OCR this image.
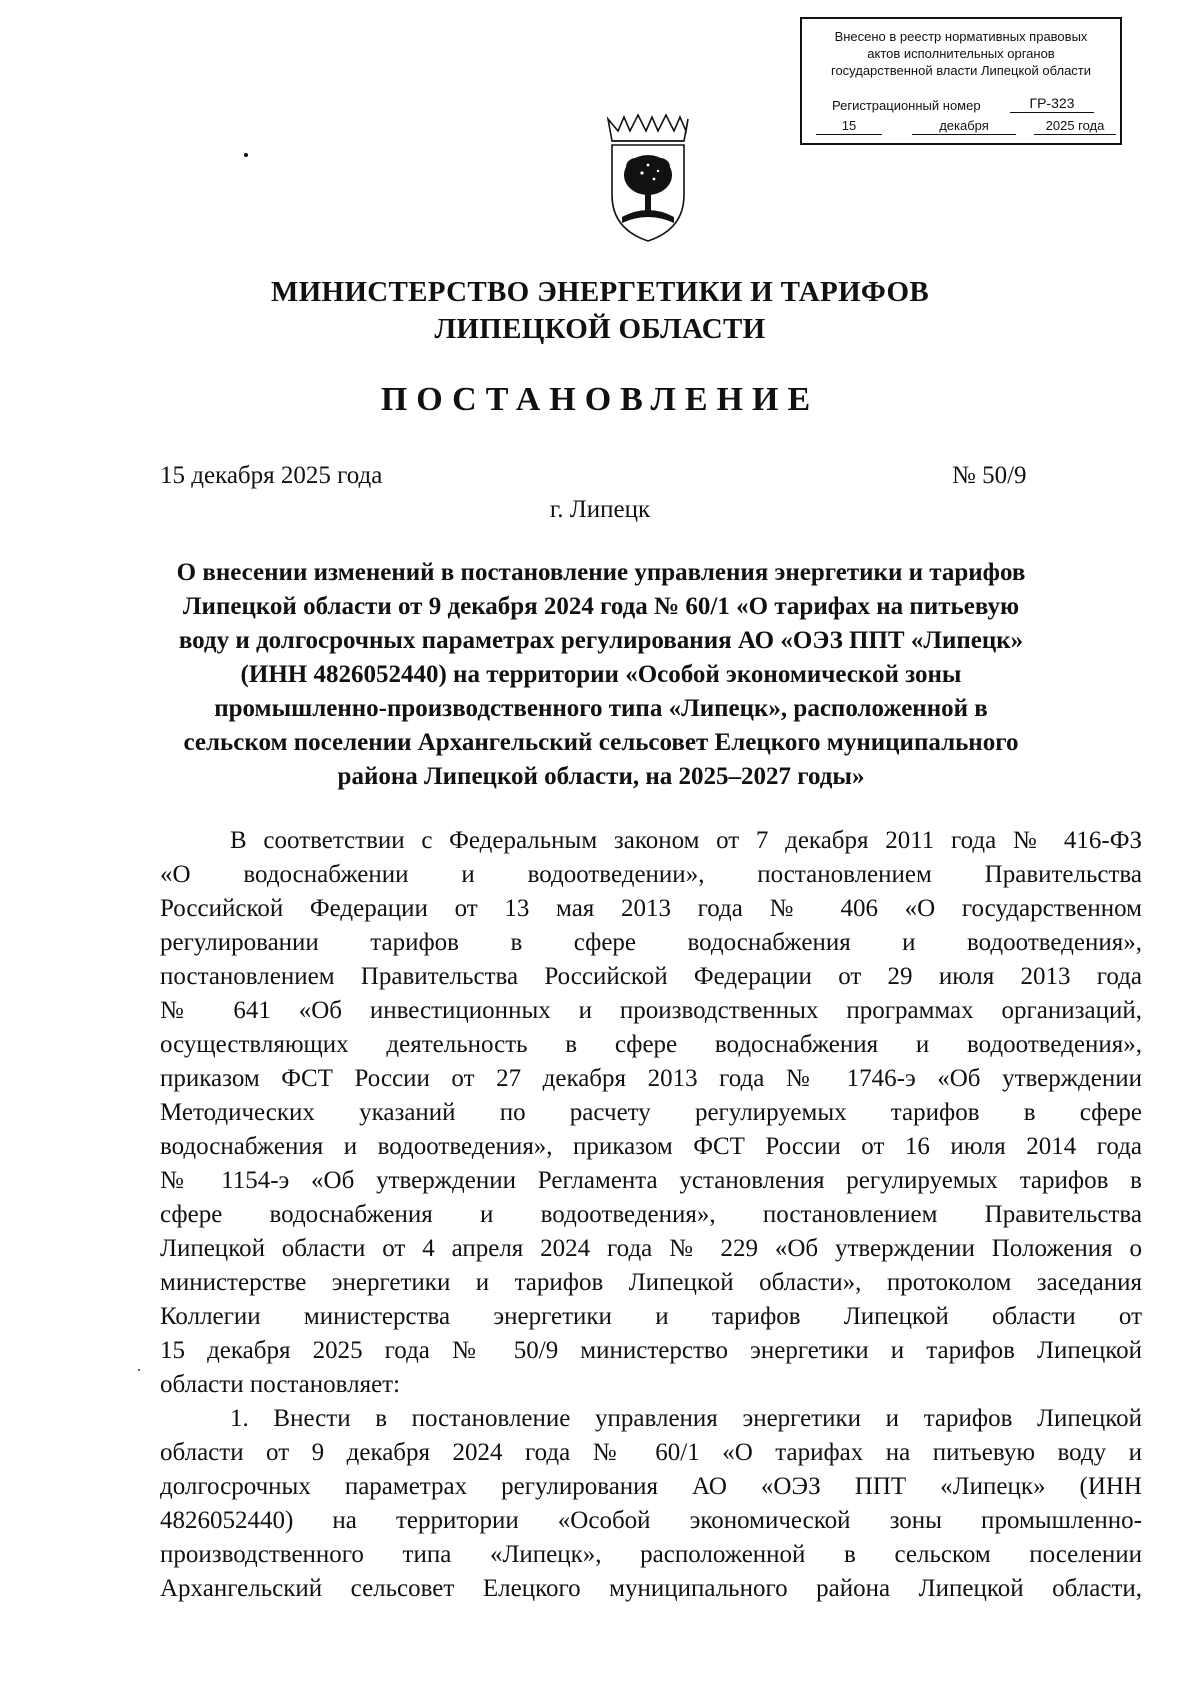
Внесено в реестр нормативных правовых
актов исполнительных органов
государственной власти Липецкой области
Регистрационный номер	ГР-323
15	декабря	2025 года
МИНИСТЕРСТВО ЭНЕРГЕТИКИ И ТАРИФОВ
ЛИПЕЦКОЙ ОБЛАСТИ
ПОСТАНОВЛЕНИЕ
15 декабря 2025 года	№ 50/9
г. Липецк
О внесении изменений в постановление управления энергетики и тарифов
Липецкой области от 9 декабря 2024 года № 60/1 «О тарифах на питьевую
воду и долгосрочных параметрах регулирования АО «ОЭЗ ППТ «Липецк»
(ИНН 4826052440) на территории «Особой экономической зоны
промышленно-производственного типа «Липецк», расположенной в
сельском поселении Архангельский сельсовет Елецкого муниципального
района Липецкой области, на 2025–2027 годы»
В соответствии с Федеральным законом от 7 декабря 2011 года № 416-ФЗ
«О водоснабжении и водоотведении», постановлением Правительства
Российской Федерации от 13 мая 2013 года № 406 «О государственном
регулировании тарифов в сфере водоснабжения и водоотведения»,
постановлением Правительства Российской Федерации от 29 июля 2013 года
№ 641 «Об инвестиционных и производственных программах организаций,
осуществляющих деятельность в сфере водоснабжения и водоотведения»,
приказом ФСТ России от 27 декабря 2013 года № 1746-э «Об утверждении
Методических указаний по расчету регулируемых тарифов в сфере
водоснабжения и водоотведения», приказом ФСТ России от 16 июля 2014 года
№ 1154-э «Об утверждении Регламента установления регулируемых тарифов в
сфере водоснабжения и водоотведения», постановлением Правительства
Липецкой области от 4 апреля 2024 года № 229 «Об утверждении Положения о
министерстве энергетики и тарифов Липецкой области», протоколом заседания
Коллегии министерства энергетики и тарифов Липецкой области от
15 декабря 2025 года № 50/9 министерство энергетики и тарифов Липецкой
области постановляет:
1. Внести в постановление управления энергетики и тарифов Липецкой
области от 9 декабря 2024 года № 60/1 «О тарифах на питьевую воду и
долгосрочных параметрах регулирования АО «ОЭЗ ППТ «Липецк» (ИНН
4826052440) на территории «Особой экономической зоны промышленно-
производственного типа «Липецк», расположенной в сельском поселении
Архангельский сельсовет Елецкого муниципального района Липецкой области,
